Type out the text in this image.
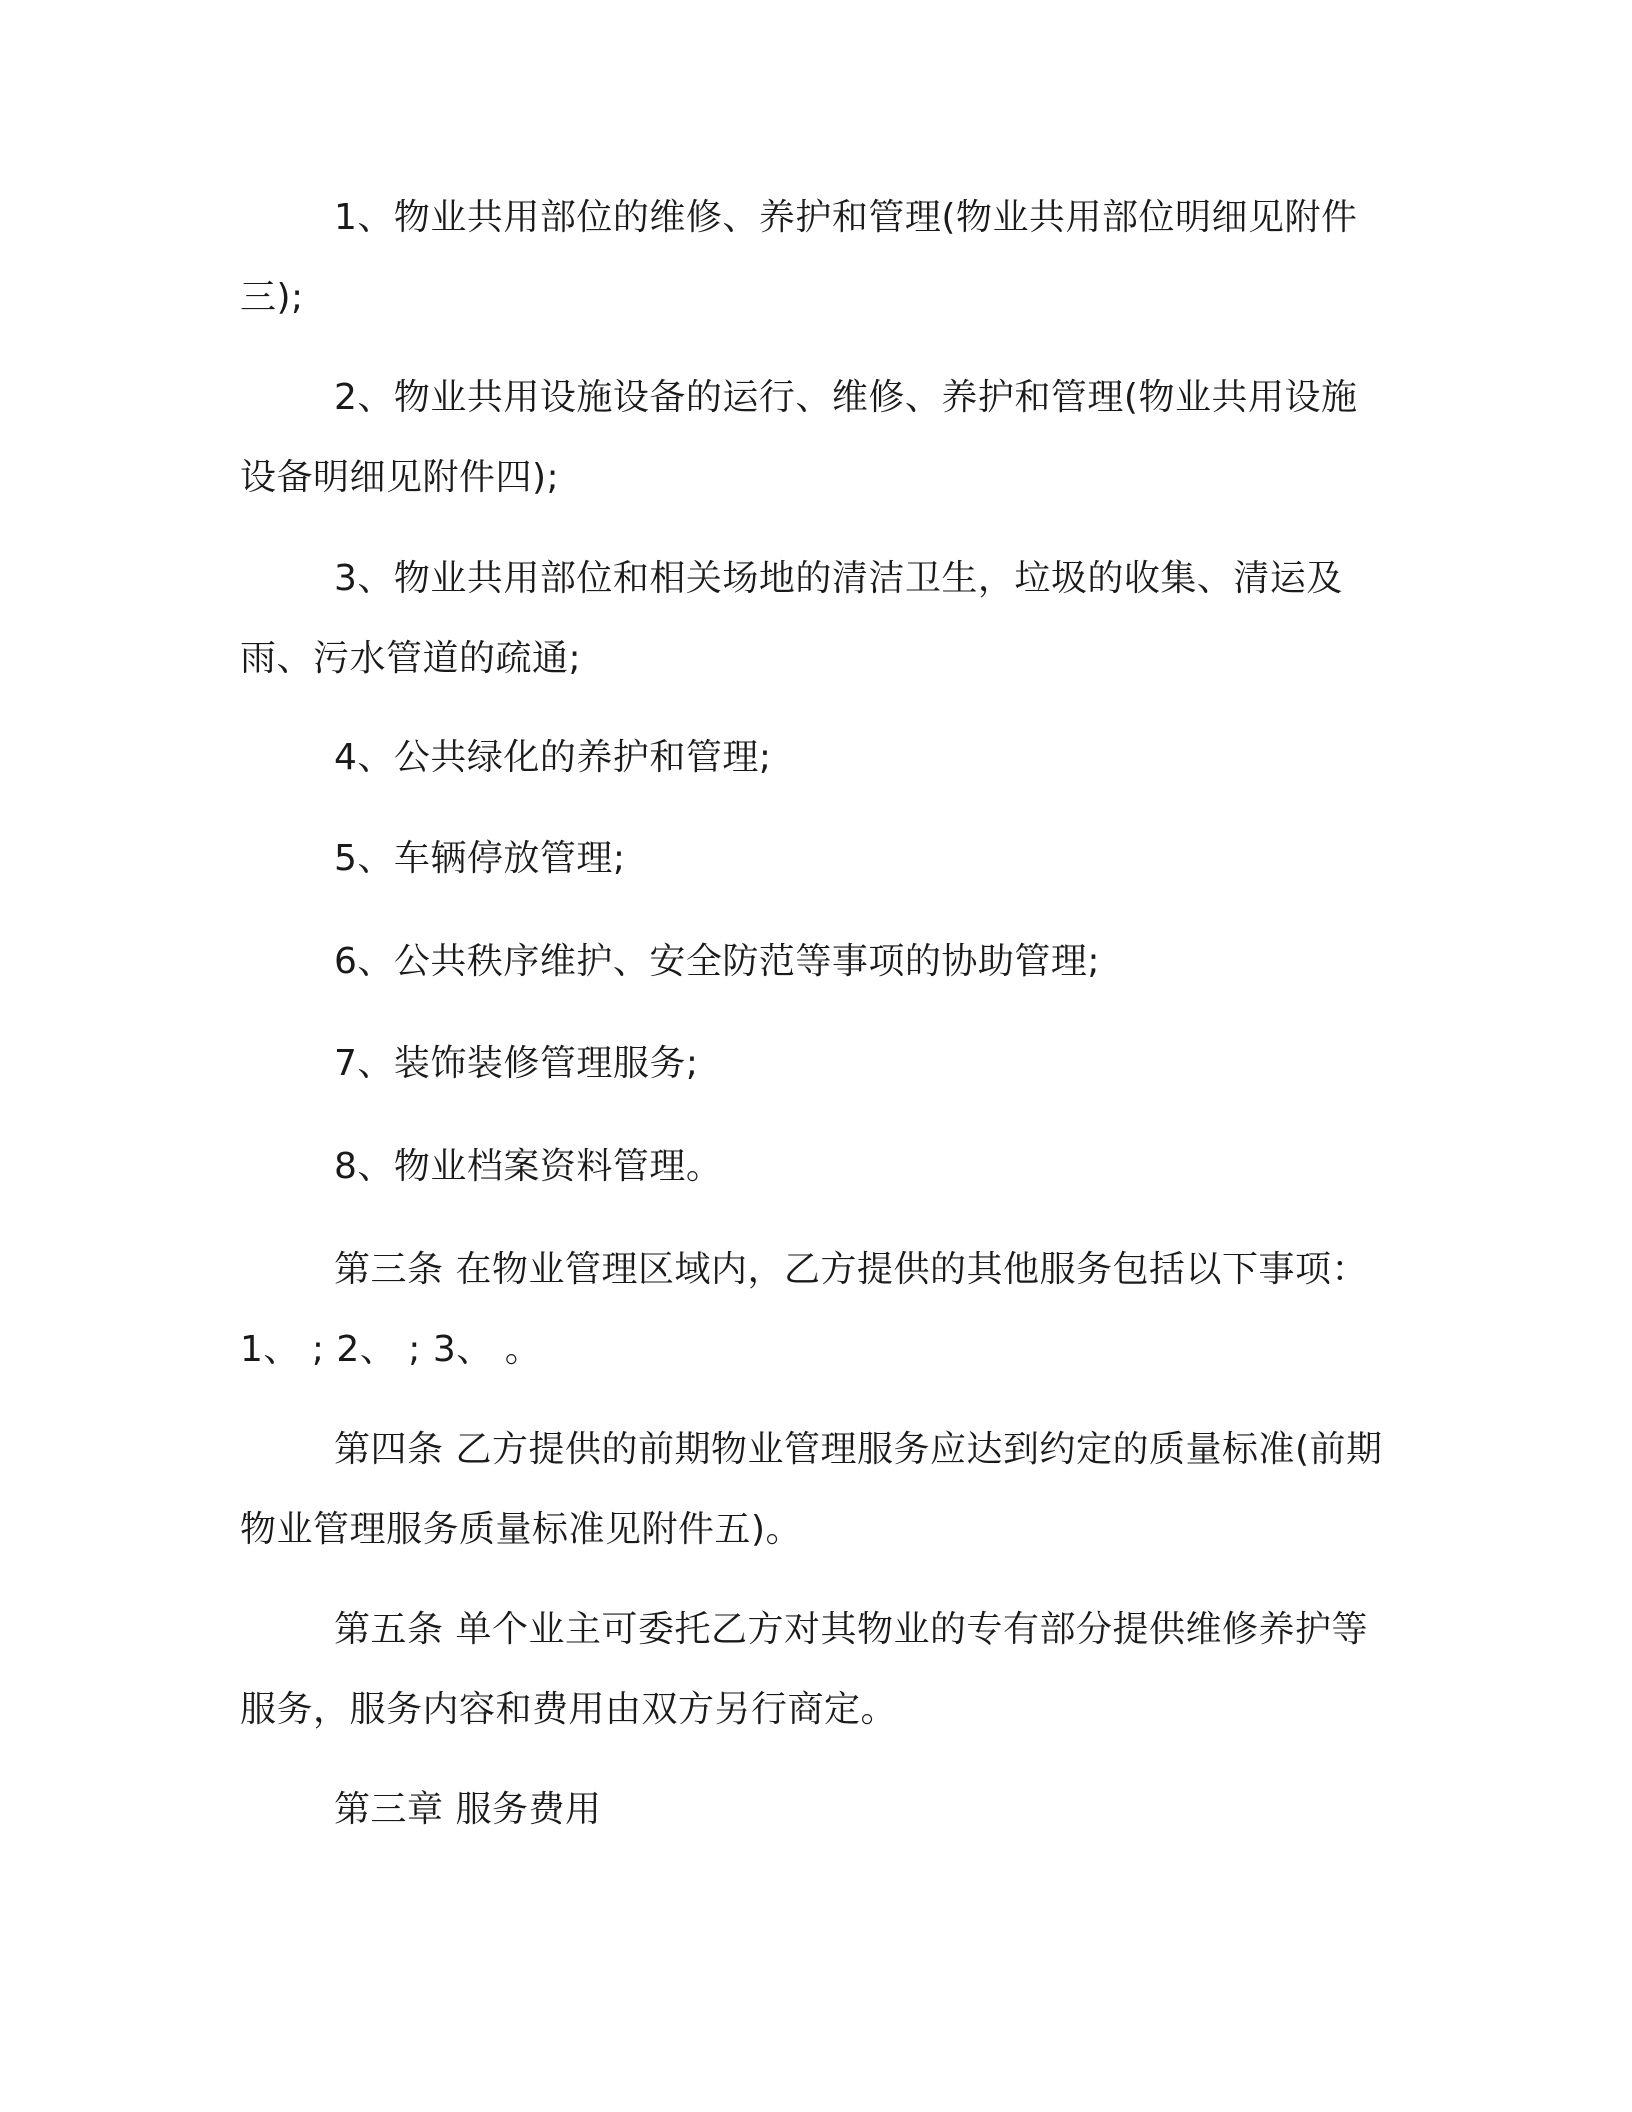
1、物业共用部位的维修、养护和管理(物业共用部位明细见附件三);

2、物业共用设施设备的运行、维修、养护和管理(物业共用设施设备明细见附件四);

3、物业共用部位和相关场地的清洁卫生，垃圾的收集、清运及雨、污水管道的疏通;

4、公共绿化的养护和管理;

5、车辆停放管理;

6、公共秩序维护、安全防范等事项的协助管理;

7、装饰装修管理服务;

8、物业档案资料管理。

第三条 在物业管理区域内，乙方提供的其他服务包括以下事项：1、 ; 2、 ; 3、 。

第四条 乙方提供的前期物业管理服务应达到约定的质量标准(前期物业管理服务质量标准见附件五)。

第五条 单个业主可委托乙方对其物业的专有部分提供维修养护等服务，服务内容和费用由双方另行商定。

第三章 服务费用
